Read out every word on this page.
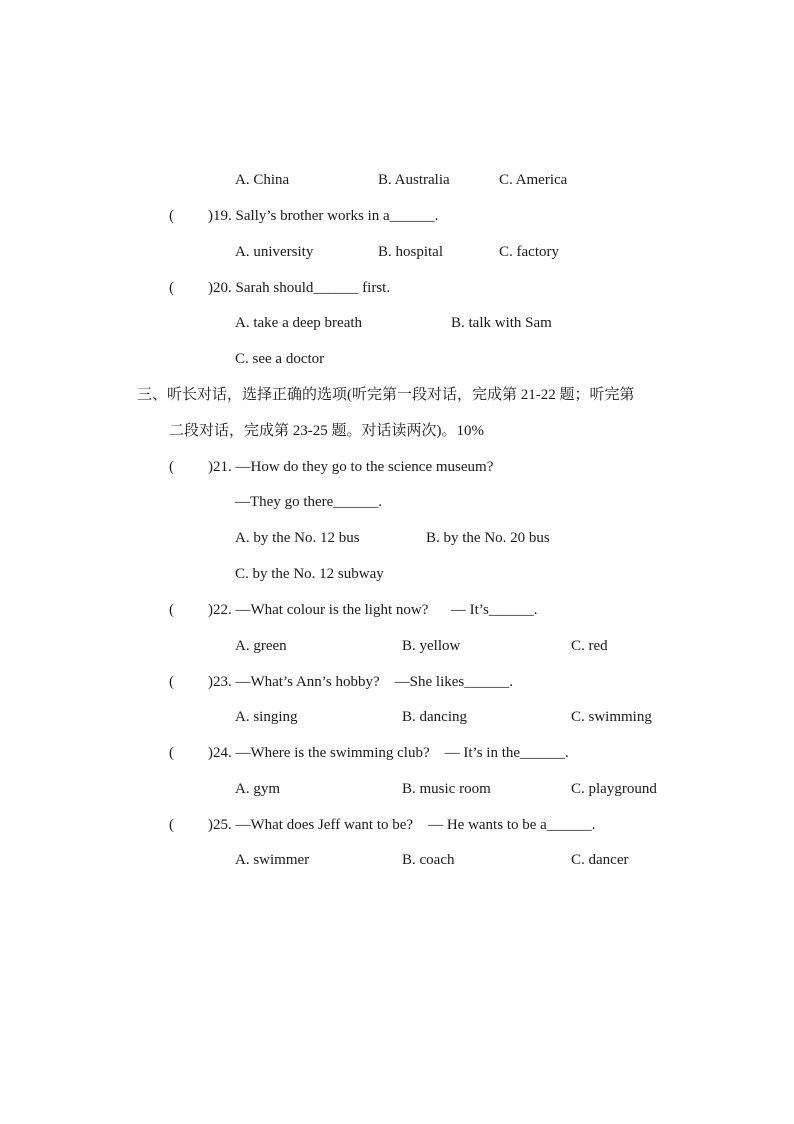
A. China	B. Australia	C. America
( )19. Sally’s brother works in a______.
A. university	B. hospital	C. factory
( )20. Sarah should______ first.
A. take a deep breath	B. talk with Sam
C. see a doctor
三、听长对话，选择正确的选项(听完第一段对话，完成第 21-22 题；听完第
二段对话，完成第 23-25 题。对话读两次)。10%
( )21. —How do they go to the science museum?
—They go there______.
A. by the No. 12 bus	B. by the No. 20 bus
C. by the No. 12 subway
( )22. —What colour is the light now?      — It’s______.
A. green	B. yellow	C. red
( )23. —What’s Ann’s hobby?    —She likes______.
A. singing	B. dancing	C. swimming
( )24. —Where is the swimming club?    — It’s in the______.
A. gym	B. music room	C. playground
( )25. —What does Jeff want to be?    — He wants to be a______.
A. swimmer	B. coach	C. dancer
